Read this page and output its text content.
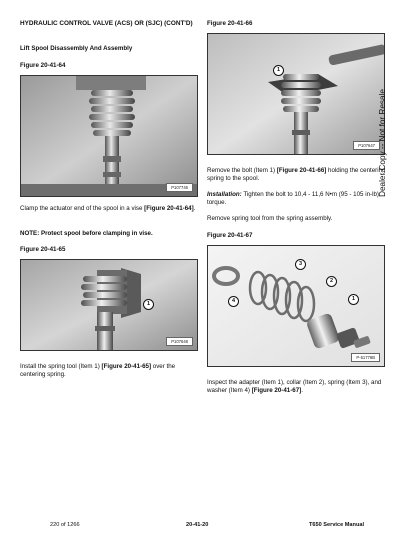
HYDRAULIC CONTROL VALVE (ACS) OR (SJC) (CONT'D)
Lift Spool Disassembly And Assembly
Figure 20-41-64
P107746
Clamp the actuator end of the spool in a vise [Figure 20-41-64].
NOTE: Protect spool before clamping in vise.
Figure 20-41-65
1
P107648
Install the spring tool (Item 1) [Figure 20-41-65] over the centering spring.
Figure 20-41-66
1
P107647
Remove the bolt (Item 1) [Figure 20-41-66] holding the centering spring to the spool.
Installation: Tighten the bolt to 10,4 - 11,6 N•m (95 - 105 in-lb) torque.
Remove spring tool from the spring assembly.
Figure 20-41-67
3
2
1
4
P-51778B
Inspect the adapter (Item 1), collar (Item 2), spring (Item 3), and washer (Item 4) [Figure 20-41-67].
Dealer Copy -- Not for Resale
220 of 1266	20-41-20	T650 Service Manual
